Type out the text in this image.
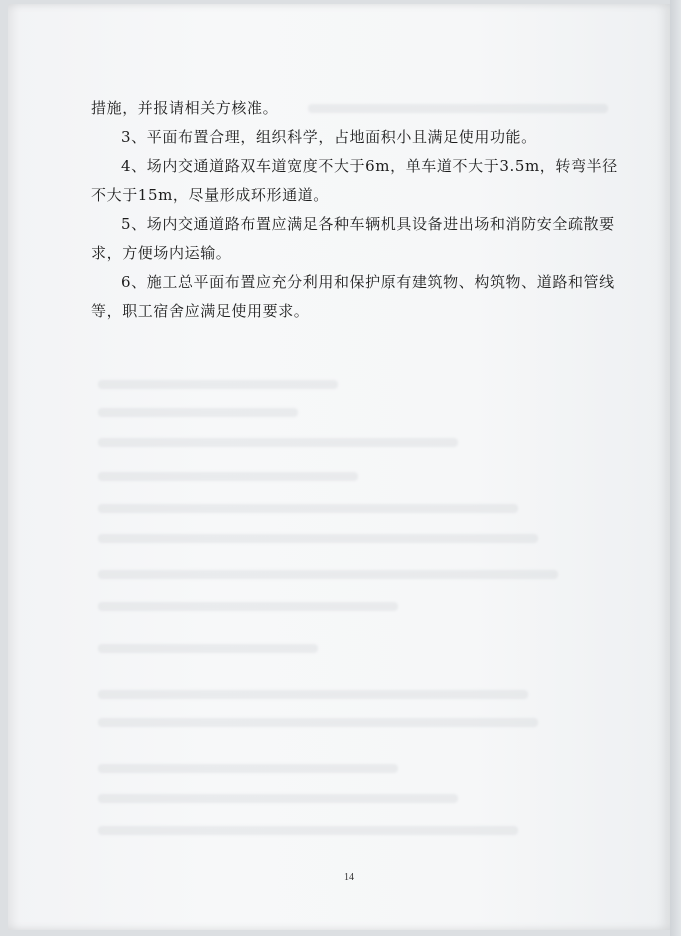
措施，并报请相关方核准。

3、平面布置合理，组织科学，占地面积小且满足使用功能。

4、场内交通道路双车道宽度不大于6m，单车道不大于3.5m，转弯半径不大于15m，尽量形成环形通道。

5、场内交通道路布置应满足各种车辆机具设备进出场和消防安全疏散要求，方便场内运输。

6、施工总平面布置应充分利用和保护原有建筑物、构筑物、道路和管线等，职工宿舍应满足使用要求。

14
